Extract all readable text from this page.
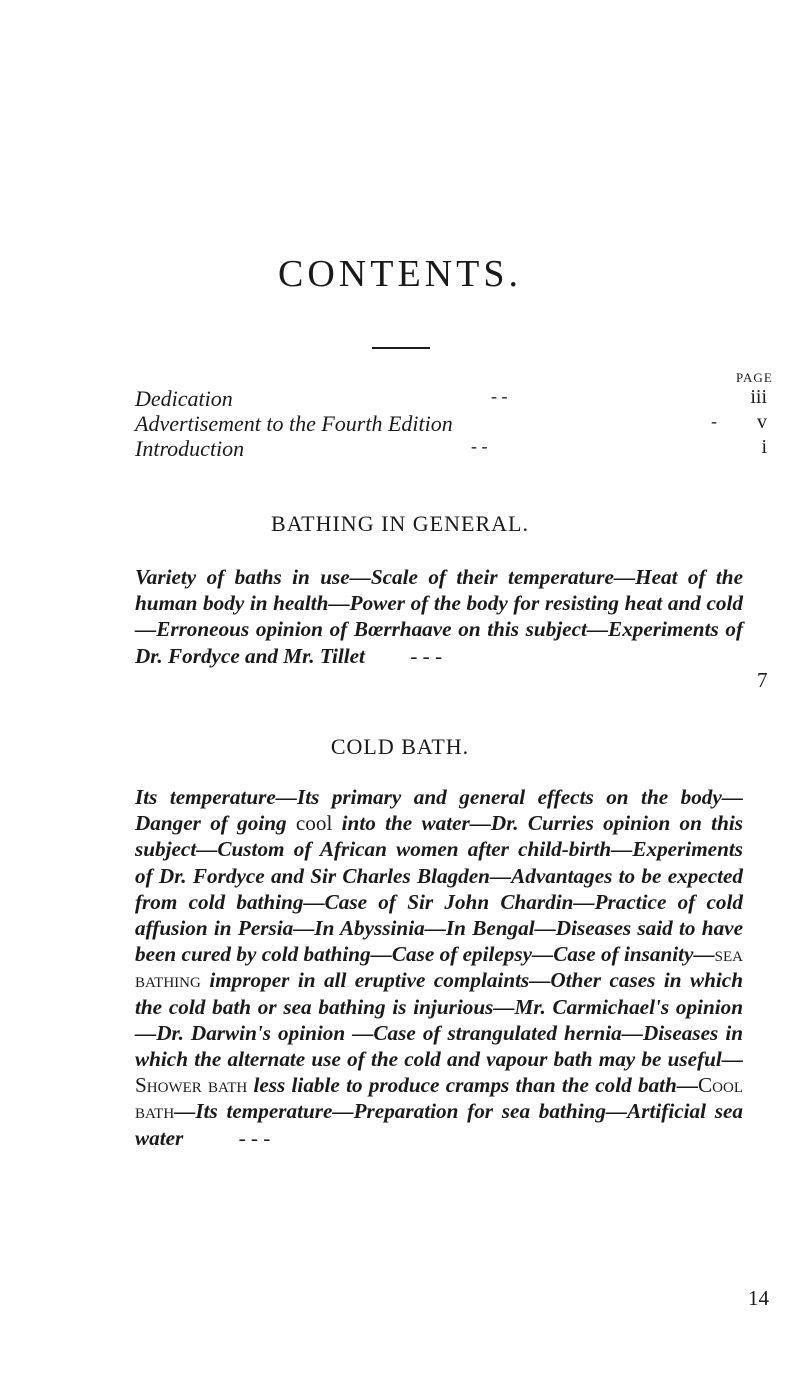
CONTENTS.
PAGE
Dedication	- -	iii
Advertisement to the Fourth Edition	- v
Introduction	- -	i
BATHING IN GENERAL.
Variety of baths in use—Scale of their temperature—Heat of the human body in health—Power of the body for resisting heat and cold—Erroneous opinion of Bœrrhaave on this subject—Experiments of Dr. Fordyce and Mr. Tillet - - -
7
COLD BATH.
Its temperature—Its primary and general effects on the body—Danger of going cool into the water—Dr. Curries opinion on this subject—Custom of African women after child-birth—Experiments of Dr. Fordyce and Sir Charles Blagden—Advantages to be expected from cold bathing—Case of Sir John Chardin—Practice of cold affusion in Persia—In Abyssinia—In Bengal—Diseases said to have been cured by cold bathing—Case of epilepsy—Case of insanity—sea bathing improper in all eruptive complaints—Other cases in which the cold bath or sea bathing is injurious—Mr. Carmichael's opinion—Dr. Darwin's opinion —Case of strangulated hernia—Diseases in which the alternate use of the cold and vapour bath may be useful—Shower bath less liable to produce cramps than the cold bath—Cool bath—Its temperature—Preparation for sea bathing—Artificial sea water	- - -
14
